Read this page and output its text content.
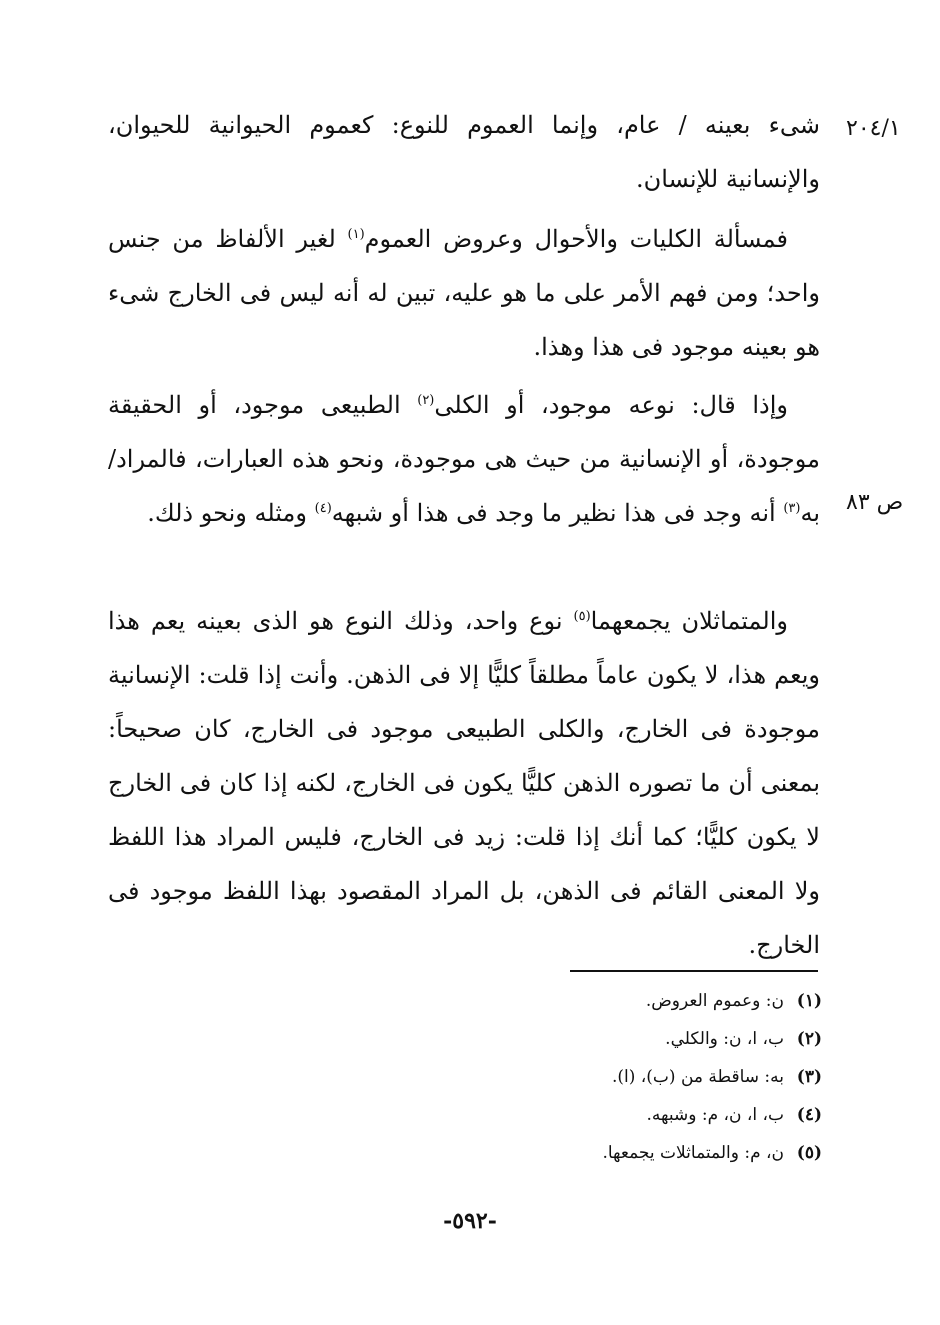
٢٠٤/١
ص ٨٣

شىء بعينه / عام، وإنما العموم للنوع: كعموم الحيوانية للحيوان، والإنسانية للإنسان.

فمسألة الكليات والأحوال وعروض العموم$^{(١)}$ لغير الألفاظ من جنس واحد؛ ومن فهم الأمر على ما هو عليه، تبين له أنه ليس فى الخارج شىء هو بعينه موجود فى هذا وهذا.

وإذا قال: نوعه موجود، أو الكلى$^{(٢)}$ الطبيعى موجود، أو الحقيقة موجودة، أو الإنسانية من حيث هى موجودة، ونحو هذه العبارات، فالمراد/ به$^{(٣)}$ أنه وجد فى هذا نظير ما وجد فى هذا أو شبهه$^{(٤)}$ ومثله ونحو ذلك.

والمتماثلان يجمعهما$^{(٥)}$ نوع واحد، وذلك النوع هو الذى بعينه يعم هذا ويعم هذا، لا يكون عاماً مطلقاً كليًّا إلا فى الذهن. وأنت إذا قلت: الإنسانية موجودة فى الخارج، والكلى الطبيعى موجود فى الخارج، كان صحيحاً: بمعنى أن ما تصوره الذهن كليًّا يكون فى الخارج، لكنه إذا كان فى الخارج لا يكون كليًّا؛ كما أنك إذا قلت: زيد فى الخارج، فليس المراد هذا اللفظ ولا المعنى القائم فى الذهن، بل المراد المقصود بهذا اللفظ موجود فى الخارج.

(١)ن: وعموم العروض.
(٢)ب، ا، ن: والكلي.
(٣)به: ساقطة من (ب)، (ا).
(٤)ب، ا، ن، م: وشبهه.
(٥)ن، م: والمتماثلات يجمعها.
-٥٩٢-
